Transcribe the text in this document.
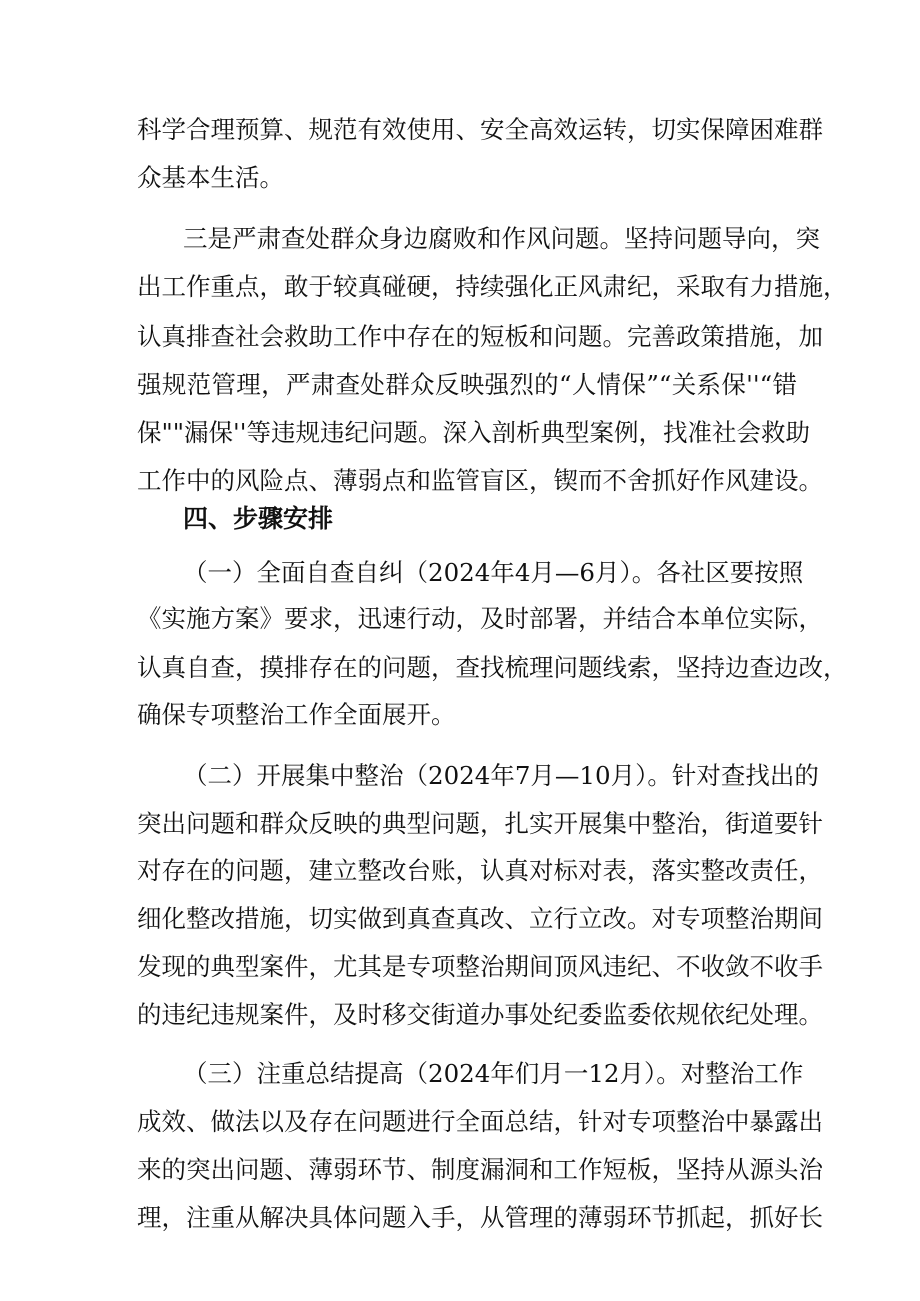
科学合理预算、规范有效使用、安全高效运转，切实保障困难群
众基本生活。
三是严肃查处群众身边腐败和作风问题。坚持问题导向，突
出工作重点，敢于较真碰硬，持续强化正风肃纪，采取有力措施，
认真排查社会救助工作中存在的短板和问题。完善政策措施，加
强规范管理，严肃查处群众反映强烈的“人情保”“关系保''“错
保""漏保''等违规违纪问题。深入剖析典型案例，找准社会救助
工作中的风险点、薄弱点和监管盲区，锲而不舍抓好作风建设。
四、步骤安排
（一）全面自查自纠（2024年4月—6月）。各社区要按照
《实施方案》要求，迅速行动，及时部署，并结合本单位实际，
认真自查，摸排存在的问题，查找梳理问题线索，坚持边查边改，
确保专项整治工作全面展开。
（二）开展集中整治（2024年7月—10月）。针对查找出的
突出问题和群众反映的典型问题，扎实开展集中整治，街道要针
对存在的问题，建立整改台账，认真对标对表，落实整改责任，
细化整改措施，切实做到真查真改、立行立改。对专项整治期间
发现的典型案件，尤其是专项整治期间顶风违纪、不收敛不收手
的违纪违规案件，及时移交街道办事处纪委监委依规依纪处理。
（三）注重总结提高（2024年们月一12月）。对整治工作
成效、做法以及存在问题进行全面总结，针对专项整治中暴露出
来的突出问题、薄弱环节、制度漏洞和工作短板，坚持从源头治
理，注重从解决具体问题入手，从管理的薄弱环节抓起，抓好长
